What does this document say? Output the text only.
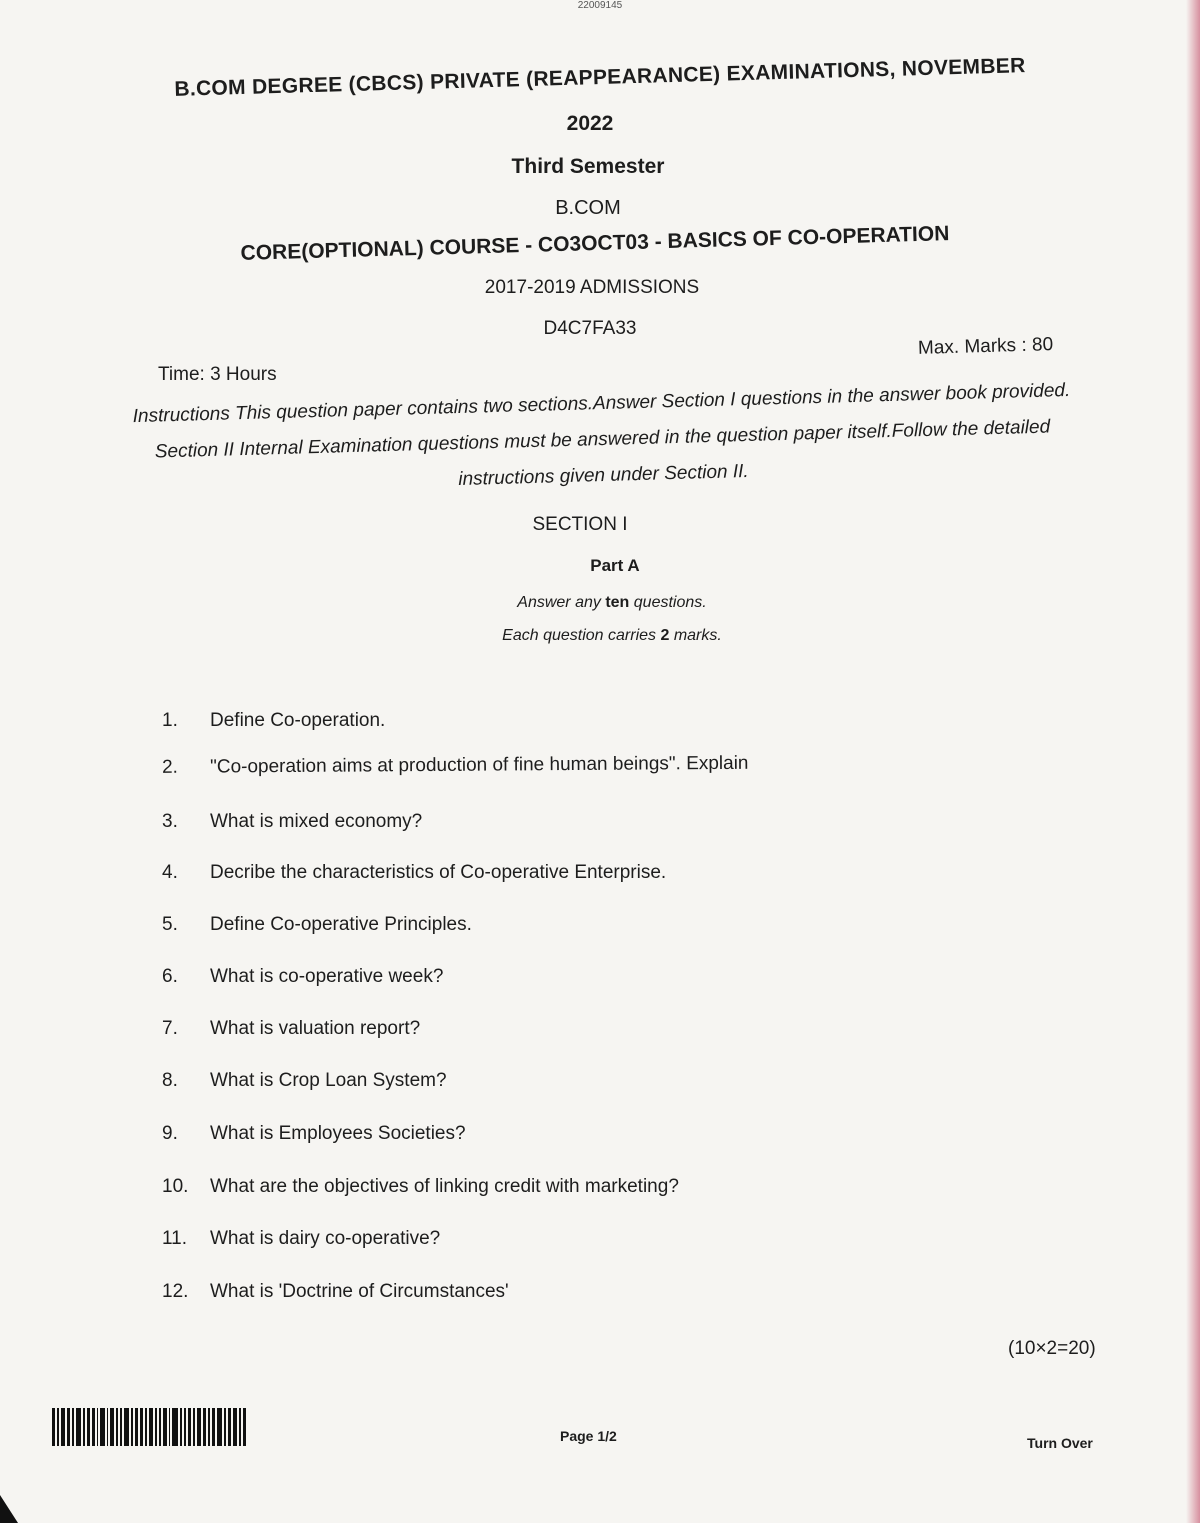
22009145
B.COM DEGREE (CBCS) PRIVATE (REAPPEARANCE) EXAMINATIONS, NOVEMBER
2022
Third Semester
B.COM
CORE(OPTIONAL) COURSE - CO3OCT03 - BASICS OF CO-OPERATION
2017-2019 ADMISSIONS
D4C7FA33
Time: 3 Hours
Max. Marks : 80
Instructions This question paper contains two sections.Answer Section I questions in the answer book provided. Section II Internal Examination questions must be answered in the question paper itself.Follow the detailed instructions given under Section II.
SECTION I
Part A
Answer any ten questions.
Each question carries 2 marks.
1. Define Co-operation.
2. "Co-operation aims at production of fine human beings". Explain
3. What is mixed economy?
4. Decribe the characteristics of Co-operative Enterprise.
5. Define Co-operative Principles.
6. What is co-operative week?
7. What is valuation report?
8. What is Crop Loan System?
9. What is Employees Societies?
10. What are the objectives of linking credit with marketing?
11. What is dairy co-operative?
12. What is 'Doctrine of Circumstances'
(10×2=20)
Page 1/2	Turn Over
